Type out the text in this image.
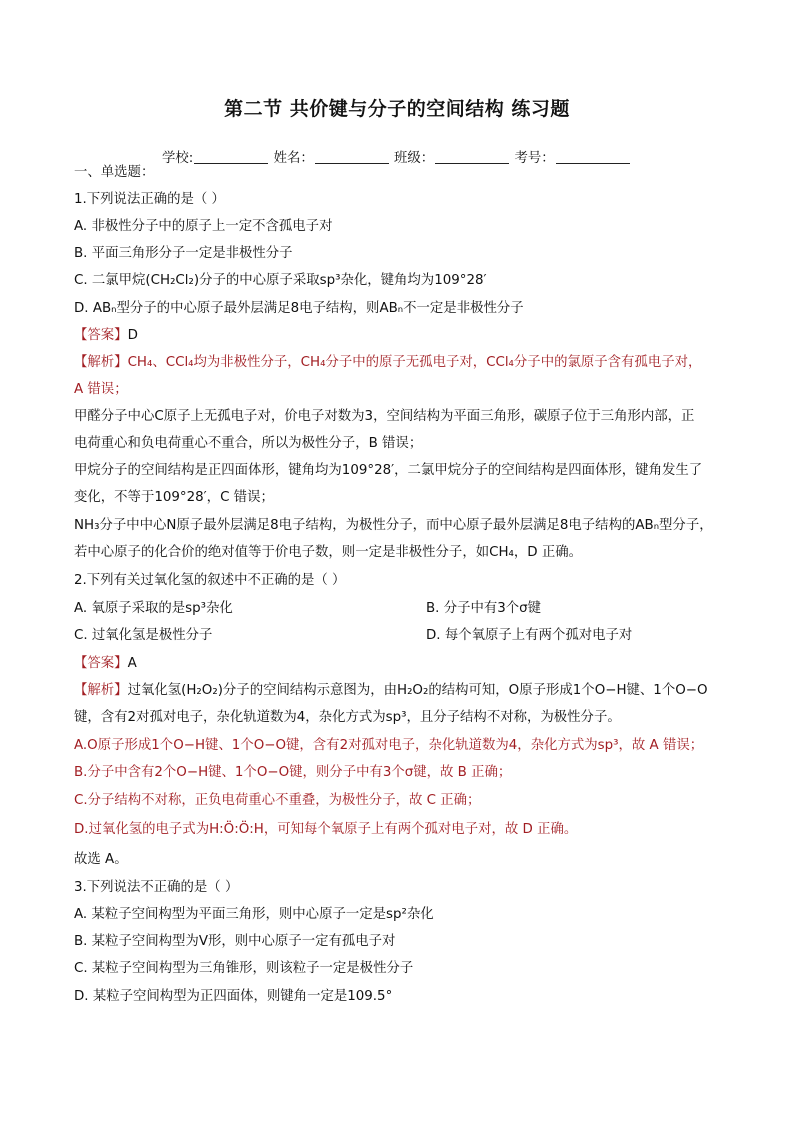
第二节 共价键与分子的空间结构 练习题
学校:	姓名：	班级：	考号：
一、单选题：
1.下列说法正确的是（ ）
A. 非极性分子中的原子上一定不含孤电子对
B. 平面三角形分子一定是非极性分子
C. 二氯甲烷(CH₂Cl₂)分子的中心原子采取sp³杂化，键角均为109°28′
D. ABₙ型分子的中心原子最外层满足8电子结构，则ABₙ不一定是非极性分子
【答案】D
【解析】CH₄、CCl₄均为非极性分子，CH₄分子中的原子无孤电子对，CCl₄分子中的氯原子含有孤电子对，
A 错误；
甲醛分子中心C原子上无孤电子对，价电子对数为3，空间结构为平面三角形，碳原子位于三角形内部，正
电荷重心和负电荷重心不重合，所以为极性分子，B 错误；
甲烷分子的空间结构是正四面体形，键角均为109°28′，二氯甲烷分子的空间结构是四面体形，键角发生了
变化，不等于109°28′，C 错误；
NH₃分子中中心N原子最外层满足8电子结构，为极性分子，而中心原子最外层满足8电子结构的ABₙ型分子，
若中心原子的化合价的绝对值等于价电子数，则一定是非极性分子，如CH₄，D 正确。
2.下列有关过氧化氢的叙述中不正确的是（ ）
A. 氧原子采取的是sp³杂化	B. 分子中有3个σ键
C. 过氧化氢是极性分子	D. 每个氧原子上有两个孤对电子对
【答案】A
【解析】过氧化氢(H₂O₂)分子的空间结构示意图为，由H₂O₂的结构可知，O原子形成1个O−H键、1个O−O
键，含有2对孤对电子，杂化轨道数为4，杂化方式为sp³，且分子结构不对称，为极性分子。
A.O原子形成1个O−H键、1个O−O键，含有2对孤对电子，杂化轨道数为4，杂化方式为sp³，故 A 错误；
B.分子中含有2个O−H键、1个O−O键，则分子中有3个σ键，故 B 正确；
C.分子结构不对称，正负电荷重心不重叠，为极性分子，故 C 正确；
D.过氧化氢的电子式为H꞉Ö꞉Ö꞉H，可知每个氧原子上有两个孤对电子对，故 D 正确。
故选 A。
3.下列说法不正确的是（ ）
A. 某粒子空间构型为平面三角形，则中心原子一定是sp²杂化
B. 某粒子空间构型为V形，则中心原子一定有孤电子对
C. 某粒子空间构型为三角锥形，则该粒子一定是极性分子
D. 某粒子空间构型为正四面体，则键角一定是109.5°
